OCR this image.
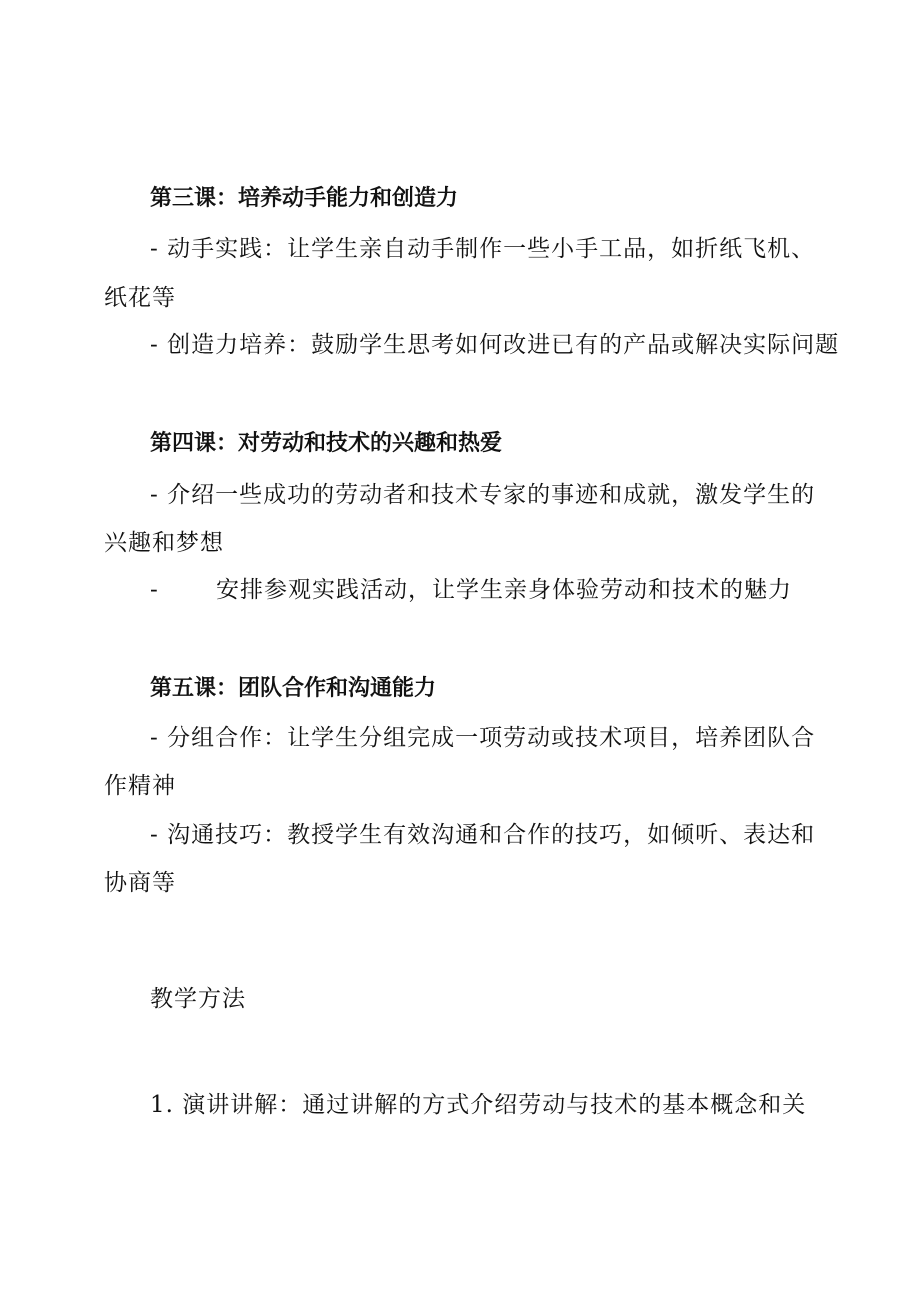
第三课：培养动手能力和创造力
- 动手实践：让学生亲自动手制作一些小手工品，如折纸飞机、
纸花等
- 创造力培养：鼓励学生思考如何改进已有的产品或解决实际问题
第四课：对劳动和技术的兴趣和热爱
- 介绍一些成功的劳动者和技术专家的事迹和成就，激发学生的
兴趣和梦想
- 安排参观实践活动，让学生亲身体验劳动和技术的魅力
第五课：团队合作和沟通能力
- 分组合作：让学生分组完成一项劳动或技术项目，培养团队合
作精神
- 沟通技巧：教授学生有效沟通和合作的技巧，如倾听、表达和
协商等
教学方法
1. 演讲讲解：通过讲解的方式介绍劳动与技术的基本概念和关
